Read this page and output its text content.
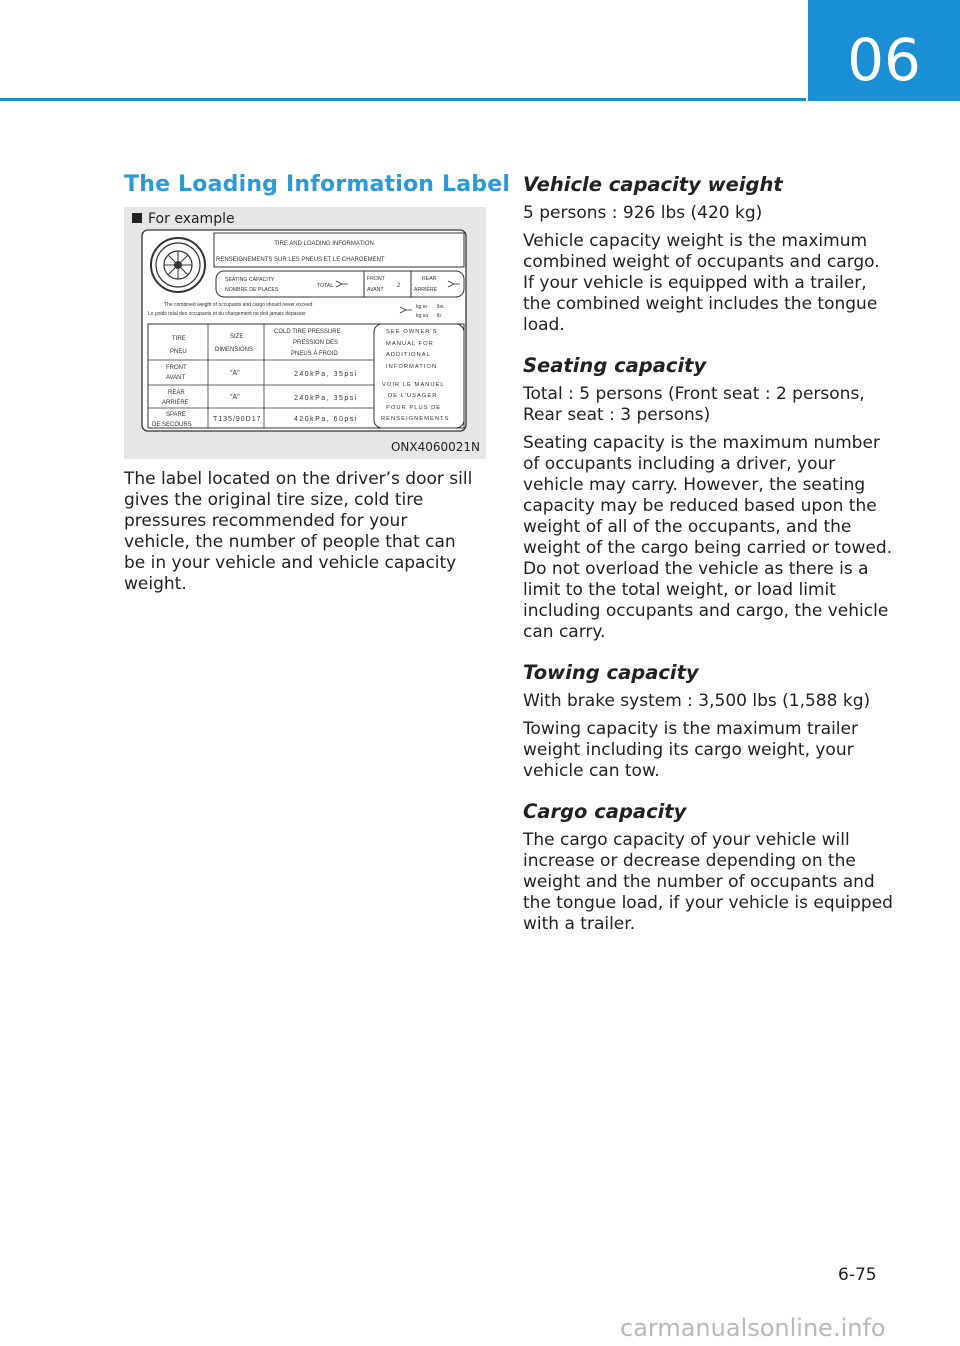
06
The Loading Information Label
TIRE AND LOADING INFORMATION
RENSEIGNEMENTS SUR LES PNEUS ET LE CHARGEMENT
SEATING CAPACITY
NOMBRE DE PLACES
TOTAL
FRONT
AVANT
2
REAR
ARRIÈRE
The combined weight of occupants and cargo should never exceed
Le poids total des occupants et du chargement ne doit jamais dépasser
kg or
kg ou
lbs.
lb
TIRE
PNEU
SIZE
DIMENSIONS
COLD TIRE PRESSURE
PRESSION DES
PNEUS À FROID
FRONT
AVANT
"A"	240kPa, 35psi
REAR
ARRIÈRE
"A"	240kPa, 35psi
SPARE
DE SECOURS
T135/90D17	420kPa, 60psi
SEE OWNER'S
MANUAL FOR
ADDITIONAL
INFORMATION
VOIR LE MANUEL
DE L'USAGER
POUR PLUS DE
RENSEIGNEMENTS
For example
ONX4060021N
The label located on the driver’s door sill gives the original tire size, cold tire pressures recommended for your vehicle, the number of people that can be in your vehicle and vehicle capacity weight.
Vehicle capacity weight

5 persons : 926 lbs (420 kg)

Vehicle capacity weight is the maximum combined weight of occupants and cargo. If your vehicle is equipped with a trailer, the combined weight includes the tongue load.

Seating capacity

Total : 5 persons (Front seat : 2 persons, Rear seat : 3 persons)

Seating capacity is the maximum number of occupants including a driver, your vehicle may carry. However, the seating capacity may be reduced based upon the weight of all of the occupants, and the weight of the cargo being carried or towed. Do not overload the vehicle as there is a limit to the total weight, or load limit including occupants and cargo, the vehicle can carry.

Towing capacity

With brake system : 3,500 lbs (1,588 kg)

Towing capacity is the maximum trailer weight including its cargo weight, your vehicle can tow.

Cargo capacity

The cargo capacity of your vehicle will increase or decrease depending on the weight and the number of occupants and the tongue load, if your vehicle is equipped with a trailer.

6-75
carmanualsonline.info
